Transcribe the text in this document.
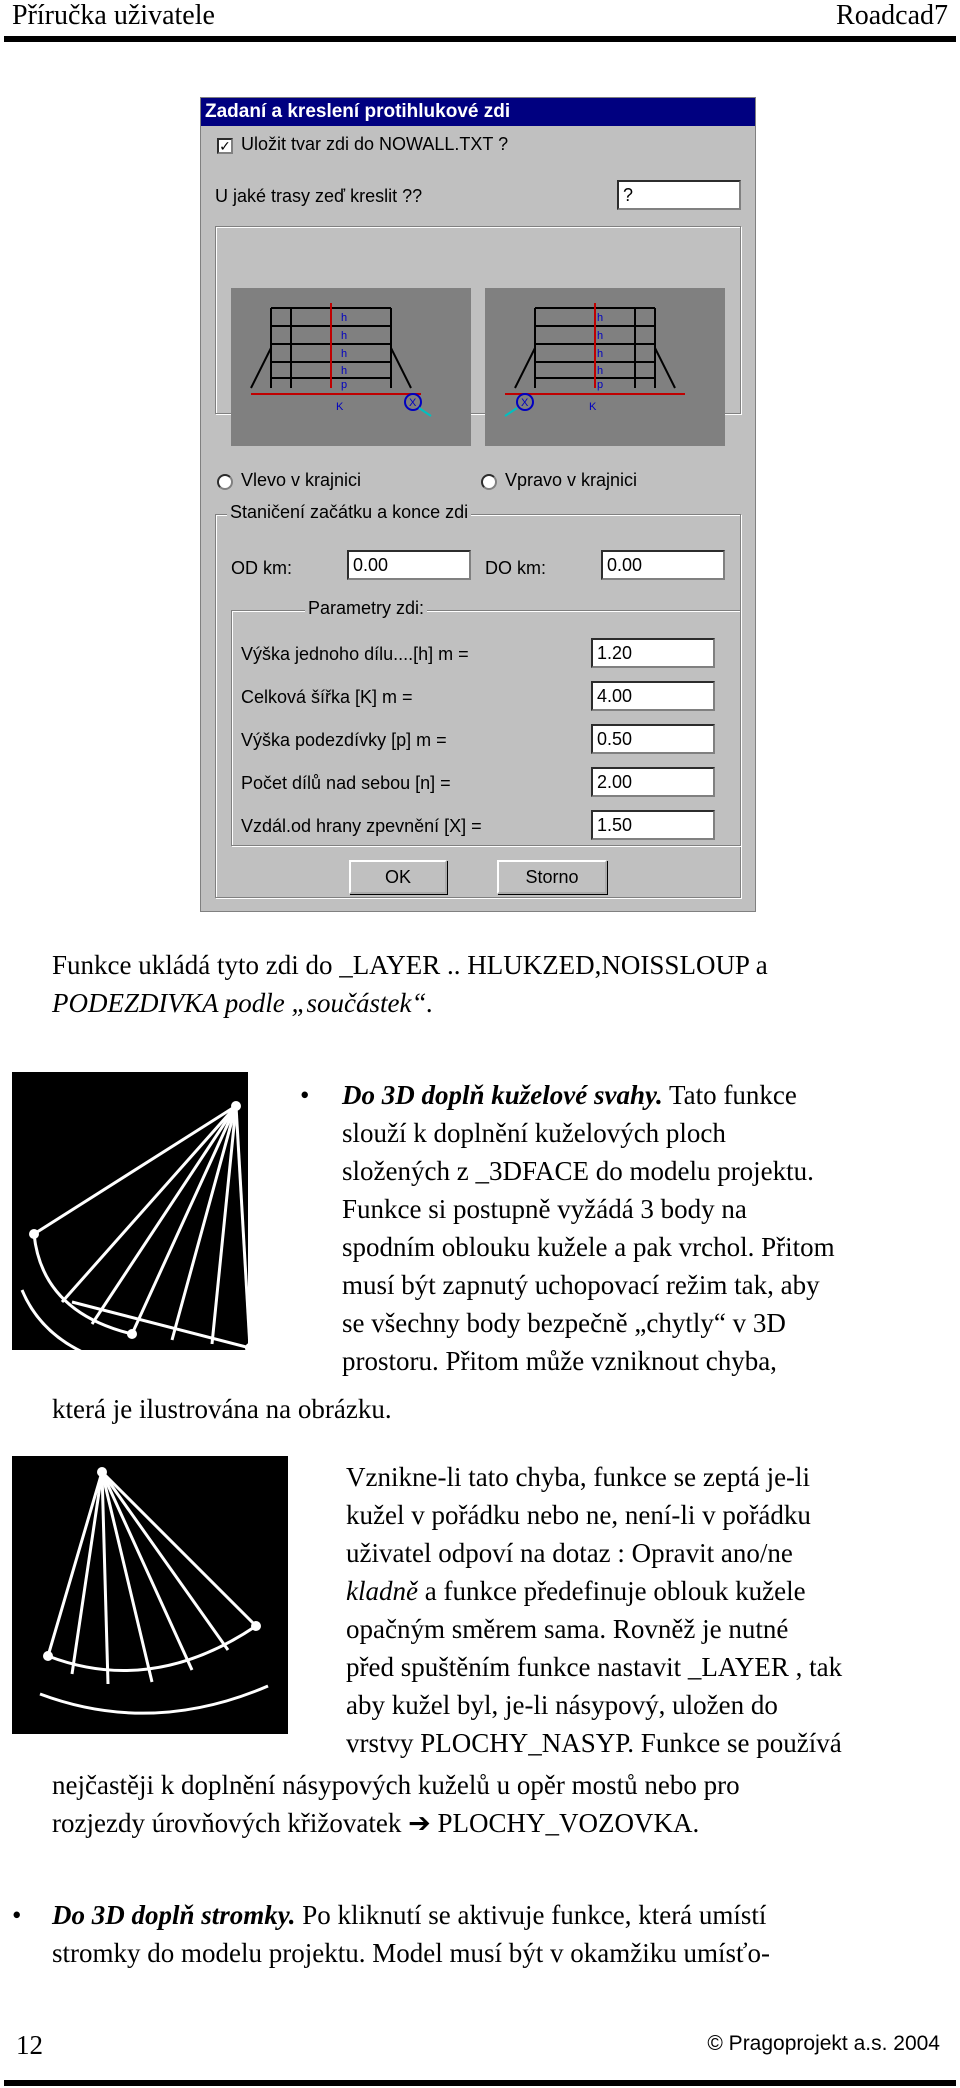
Příručka uživatele	Roadcad7
Zadaní a kreslení protihlukové zdi
✓ Uložit tvar zdi do NOWALL.TXT ?
U jaké trasy zeď kreslit ??	?
h
h
h
h
p
K	X
h
h
h
h
p
K
X
Vlevo v krajnici	Vpravo v krajnici
Staničení začátku a konce zdi
OD km:	0.00	DO km:	0.00
Parametry zdi:
Výška jednoho dílu....[h] m =	1.20
Celková šířka [K] m =	4.00
Výška podezdívky [p] m =	0.50
Počet dílů nad sebou [n] =	2.00
Vzdál.od hrany zpevnění [X] =	1.50
OK	Storno
Funkce ukládá tyto zdi do _LAYER .. HLUKZED,NOISSLOUP a
PODEZDIVKA podle „součástek“.
• Do 3D doplň kuželové svahy. Tato funkce
slouží k doplnění kuželových ploch
složených z _3DFACE do modelu projektu.
Funkce si postupně vyžádá 3 body na
spodním oblouku kužele a pak vrchol. Přitom
musí být zapnutý uchopovací režim tak, aby
se všechny body bezpečně „chytly“ v 3D
prostoru. Přitom může vzniknout chyba,
která je ilustrována na obrázku.
Vznikne-li tato chyba, funkce se zeptá je-li
kužel v pořádku nebo ne, není-li v pořádku
uživatel odpoví na dotaz : Opravit ano/ne
kladně a funkce předefinuje oblouk kužele
opačným směrem sama. Rovněž je nutné
před spuštěním funkce nastavit _LAYER , tak
aby kužel byl, je-li násypový, uložen do
vrstvy PLOCHY_NASYP. Funkce se používá
nejčastěji k doplnění násypových kuželů u opěr mostů nebo pro
rozjezdy úrovňových křižovatek ➔ PLOCHY_VOZOVKA.
• Do 3D doplň stromky. Po kliknutí se aktivuje funkce, která umístí
stromky do modelu projektu. Model musí být v okamžiku umísťo-
12	© Pragoprojekt a.s. 2004
